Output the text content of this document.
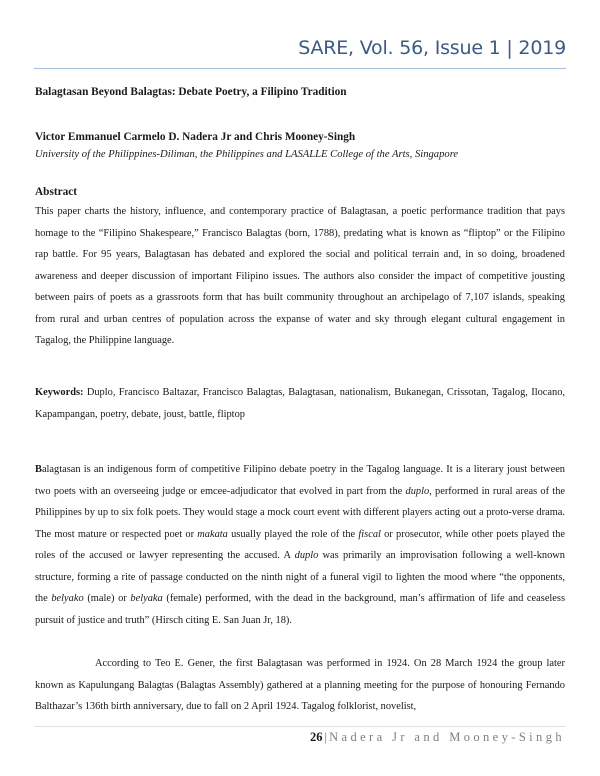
SARE, Vol. 56, Issue 1 | 2019
Balagtasan Beyond Balagtas: Debate Poetry, a Filipino Tradition
Victor Emmanuel Carmelo D. Nadera Jr and Chris Mooney-Singh
University of the Philippines-Diliman, the Philippines and LASALLE College of the Arts, Singapore
Abstract
This paper charts the history, influence, and contemporary practice of Balagtasan, a poetic performance tradition that pays homage to the “Filipino Shakespeare,” Francisco Balagtas (born, 1788), predating what is known as “fliptop” or the Filipino rap battle. For 95 years, Balagtasan has debated and explored the social and political terrain and, in so doing, broadened awareness and deeper discussion of important Filipino issues. The authors also consider the impact of competitive jousting between pairs of poets as a grassroots form that has built community throughout an archipelago of 7,107 islands, speaking from rural and urban centres of population across the expanse of water and sky through elegant cultural engagement in Tagalog, the Philippine language.
Keywords: Duplo, Francisco Baltazar, Francisco Balagtas, Balagtasan, nationalism, Bukanegan, Crissotan, Tagalog, Ilocano, Kapampangan, poetry, debate, joust, battle, fliptop
Balagtasan is an indigenous form of competitive Filipino debate poetry in the Tagalog language. It is a literary joust between two poets with an overseeing judge or emcee-adjudicator that evolved in part from the duplo, performed in rural areas of the Philippines by up to six folk poets. They would stage a mock court event with different players acting out a proto-verse drama. The most mature or respected poet or makata usually played the role of the fiscal or prosecutor, while other poets played the roles of the accused or lawyer representing the accused. A duplo was primarily an improvisation following a well-known structure, forming a rite of passage conducted on the ninth night of a funeral vigil to lighten the mood where “the opponents, the belyako (male) or belyaka (female) performed, with the dead in the background, man’s affirmation of life and ceaseless pursuit of justice and truth” (Hirsch citing E. San Juan Jr, 18).
According to Teo E. Gener, the first Balagtasan was performed in 1924. On 28 March 1924 the group later known as Kapulungang Balagtas (Balagtas Assembly) gathered at a planning meeting for the purpose of honouring Fernando Balthazar’s 136th birth anniversary, due to fall on 2 April 1924. Tagalog folklorist, novelist,
26 | Nadera Jr and Mooney-Singh
